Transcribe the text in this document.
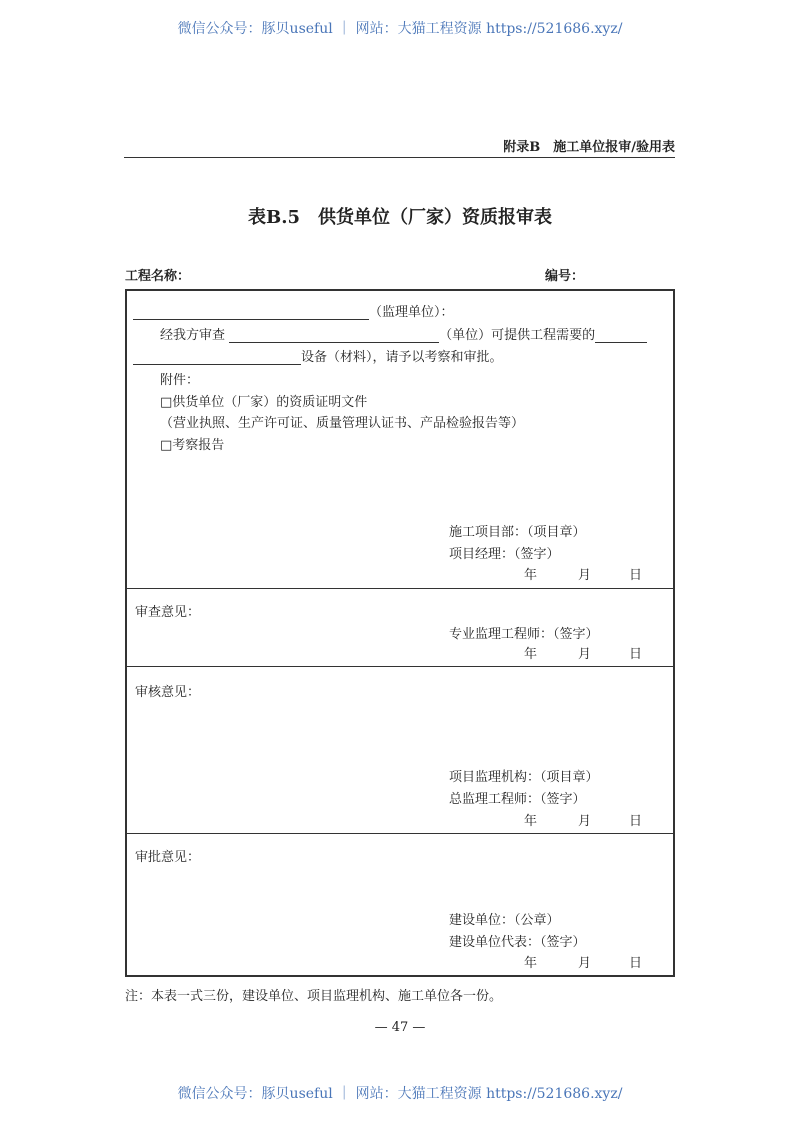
微信公众号：豚贝useful ｜ 网站：大猫工程资源 https://521686.xyz/
附录B　施工单位报审/验用表
表B.5　供货单位（厂家）资质报审表
工程名称：	编号：
（监理单位）：
经我方审查	（单位）可提供工程需要的
设备（材料），请予以考察和审批。
附件：
□供货单位（厂家）的资质证明文件
（营业执照、生产许可证、质量管理认证书、产品检验报告等）
□考察报告
施工项目部：（项目章）
项目经理：（签字）
年	月	日
审查意见：
专业监理工程师：（签字）
年	月	日
审核意见：
项目监理机构：（项目章）
总监理工程师：（签字）
年	月	日
审批意见：
建设单位：（公章）
建设单位代表：（签字）
年	月	日
注：本表一式三份，建设单位、项目监理机构、施工单位各一份。
— 47 —
微信公众号：豚贝useful ｜ 网站：大猫工程资源 https://521686.xyz/
